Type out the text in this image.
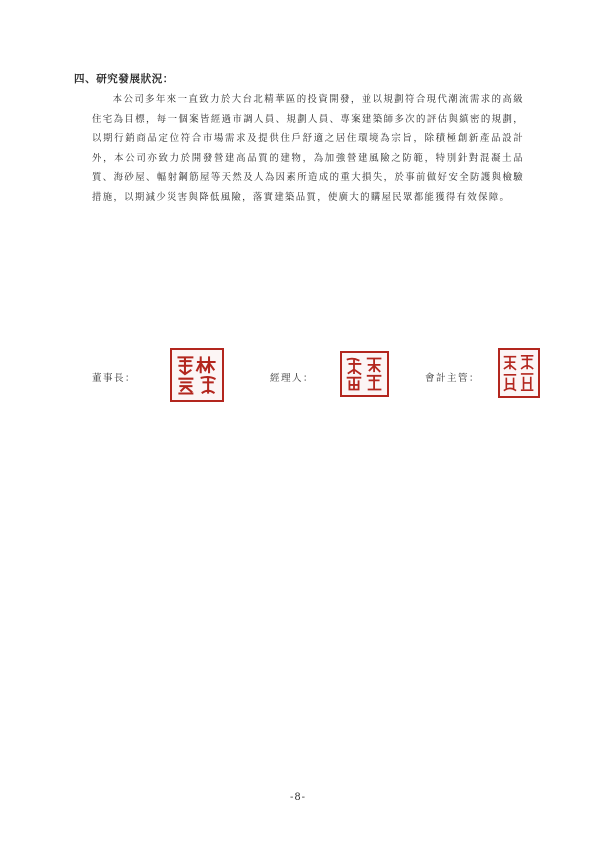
四、研究發展狀況：

本公司多年來一直致力於大台北精華區的投資開發，並以規劃符合現代潮流需求的高級住宅為目標，每一個案皆經過市調人員、規劃人員、專案建築師多次的評估與縝密的規劃，以期行銷商品定位符合市場需求及提供住戶舒適之居住環境為宗旨，除積極創新產品設計外，本公司亦致力於開發營建高品質的建物，為加強營建風險之防範，特別針對混凝土品質、海砂屋、輻射鋼筋屋等天然及人為因素所造成的重大損失，於事前做好安全防護與檢驗措施，以期減少災害與降低風險，落實建築品質，使廣大的購屋民眾都能獲得有效保障。

董事長：	經理人：	會計主管：
-8-
